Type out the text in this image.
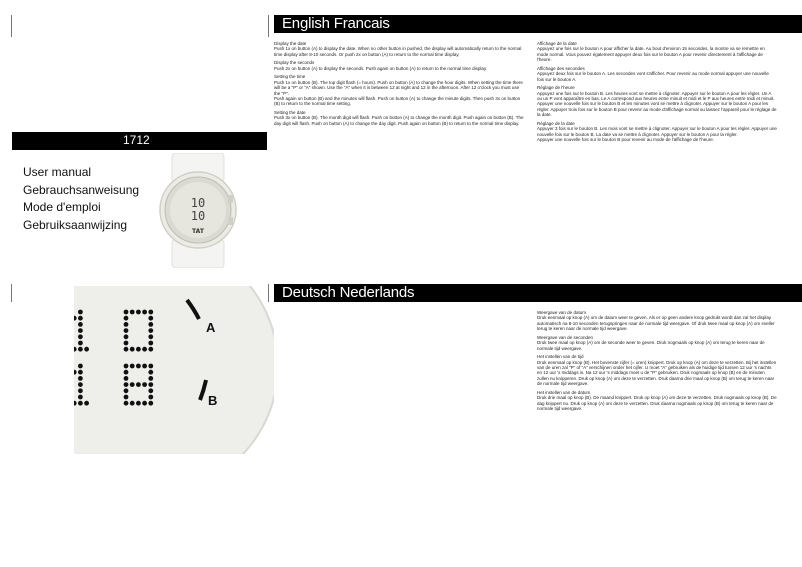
English Francais
Deutsch Nederlands
1712
User manual
Gebrauchsanweisung
Mode d'emploi
Gebruiksaanwijzing
10
10
TAT
A
B

Display the date
Push 1x on button (A) to display the date. When no other button in pushed, the display will automatically return to the normal time display after 8-10 seconds. Or push 2x on button (A) to return to the normal time display.

Display the seconds
Push 2x on button (A) to display the seconds. Push again on button (A) to return to the normal time display.

Setting the time
Push 1x on button (B). The top digit flash (= hours). Push on button (A) to change the hour digits. When setting the time there will be a "P" or "A" shown. Use the "A" when it is between 12 at night and 12 in the afternoon. After 12 o'clock you must use the "P".

Push again on button (B) and the minutes will flash. Push on button (A) to change the minute digits. Then push 3x on button (B) to return to the normal time setting.

Setting the date
Push 3x on button (B). The month digit will flash. Push on button (A) to change the month digit. Push again on button (B). The day digit will flash. Push on button (A) to change the day digit. Push again on button (B) to return to the normal time display.

Affichage de la date
Appuyez une fois sur le bouton A pour afficher la date. Au bout d'environ 15 secondes, la montre va se remettre en mode normal. Vous pouvez également appuyer deux fois sur le bouton A pour revenir directement à l'affichage de l'heure.

Affichage des secondes
Appuyez deux fois sur le bouton A. Les secondes vont s'afficher. Pour revenir au mode normal appuyer une nouvelle fois sur le bouton A.

Réglage de l'heure
Appuyez une fois sur le bouton B. Les heures vont se mettre à clignoter. Appuyer sur le bouton A pour les régler. Un A ou un P vont apparaître en bas. Le A correspond aux heures entre minuit et midi et le P aux heures entre midi et minuit.

Appuyer une nouvelle fois sur le bouton B et les minutes vont se mettre à clignoter. Appuyer sur le bouton A pour les régler. Appuyer trois fois sur le bouton B pour revenir au mode d'affichage normal ou laissez l'appareil pour le réglage de la date.

Réglage de la date
Appuyer 3 fois sur le bouton B. Les mois vont se mettre à clignoter. Appuyer sur le bouton A pour les régler. Appuyer une nouvelle fois sur le bouton B. La date va se mettre à clignoter. Appuyer sur le bouton A pour la régler.

Appuyer une nouvelle fois sur le bouton B pour revenir au mode de l'affichage de l'heure.

Weergave van de datum
Druk eenmaal op knop (A) om de datum weer te geven. Als er op geen andere knop gedrukt wordt dan zal het display automatisch na 8-10 seconden terugspringen naar de normale tijd weergave. Of druk twee maal op knop (A) om sneller terug te keren naar de normale tijd weergave.

Weergave van de seconden
Druk twee maal op knop (A) om de seconde weer te geven. Druk nogmaals op knop (A) om terug te keren naar de normale tijd weergave.

Het instellen van de tijd
Druk eenmaal op knop (B). Het bovenste cijfer (= uren) knippert. Druk op knop (A) om deze te verzetten. Bij het instellen van de uren zal "P" of "A" verschijnen onder het cijfer. U moet "A" gebruiken als de huidige tijd tussen 12 uur 's nachts en 12 uur 's middags is. Na 12 uur 's middags moet u de "P" gebruiken. Druk nogmaals op knop (B) en de minuten zullen nu knipperen. Druk op knop (A) om deze te verzetten. Druk daarna drie maal op knop (B) om terug te keren naar de normale tijd weergave.

Het instellen van de datum
Druk drie maal op knop (B). De maand knippert. Druk op knop (A) om deze te verzetten. Druk nogmaals op knop (B). De dag knippert nu. Druk op knop (A) om deze te verzetten. Druk daarna nogmaals op knop (B) om terug te keren naar de normale tijd weergave.
